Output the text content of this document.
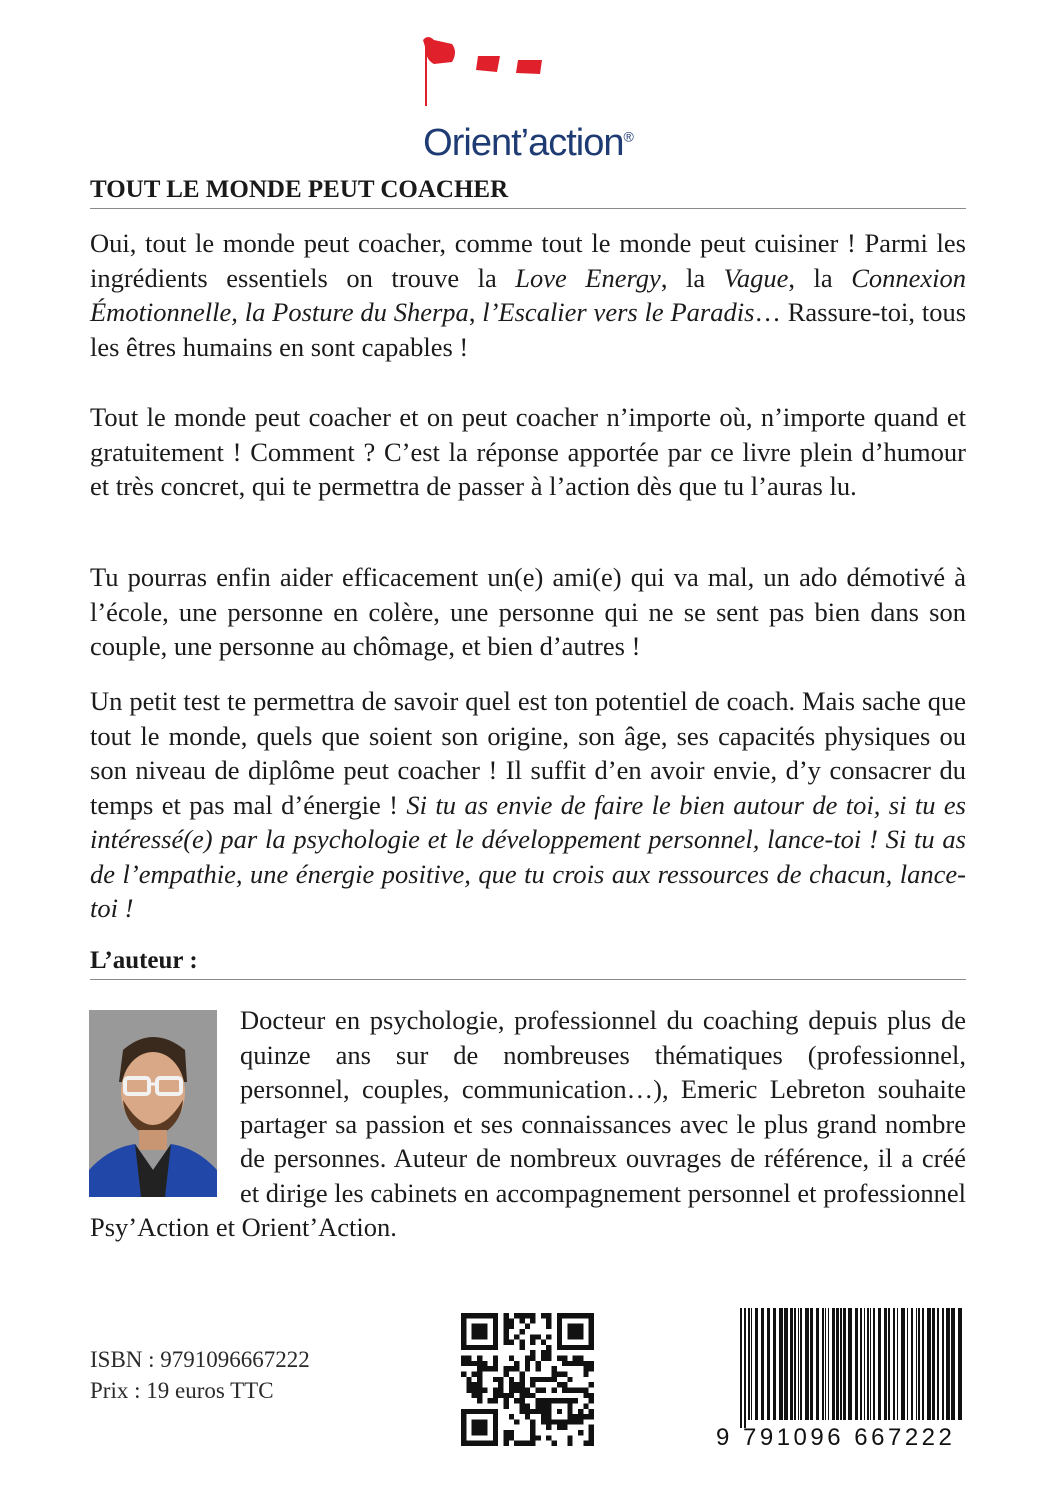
Orient’action®
TOUT LE MONDE PEUT COACHER

Oui, tout le monde peut coacher, comme tout le monde peut cuisiner ! Parmi les ingrédients essentiels on trouve la Love Energy, la Vague, la Connexion Émotionnelle, la Posture du Sherpa, l’Escalier vers le Paradis… Rassure-toi, tous les êtres humains en sont capables !

Tout le monde peut coacher et on peut coacher n’importe où, n’importe quand et gratuitement ! Comment ? C’est la réponse apportée par ce livre plein d’humour et très concret, qui te permettra de passer à l’action dès que tu l’auras lu.

Tu pourras enfin aider efficacement un(e) ami(e) qui va mal, un ado démotivé à l’école, une personne en colère, une personne qui ne se sent pas bien dans son couple, une personne au chômage, et bien d’autres !

Un petit test te permettra de savoir quel est ton potentiel de coach. Mais sache que tout le monde, quels que soient son origine, son âge, ses capacités physiques ou son niveau de diplôme peut coacher ! Il suffit d’en avoir envie, d’y consacrer du temps et pas mal d’énergie ! Si tu as envie de faire le bien autour de toi, si tu es intéressé(e) par la psychologie et le développement personnel, lance-toi ! Si tu as de l’empathie, une énergie positive, que tu crois aux ressources de chacun, lance-toi !

L’auteur :

Docteur en psychologie, professionnel du coaching depuis plus de quinze ans sur de nombreuses thématiques (professionnel, personnel, couples, communication…), Emeric Lebreton souhaite partager sa passion et ses connaissances avec le plus grand nombre de personnes. Auteur de nombreux ouvrages de référence, il a créé et dirige les cabinets en accompagnement personnel et professionnel Psy’Action et Orient’Action.

ISBN : 9791096667222
Prix : 19 euros TTC
9 791096 667222
